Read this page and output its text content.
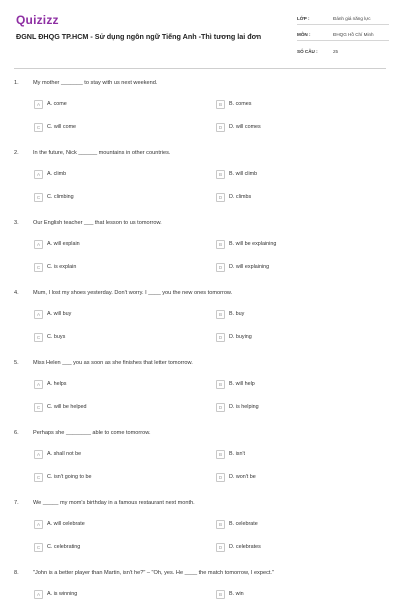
Quizizz
ĐGNL ĐHQG TP.HCM - Sử dụng ngôn ngữ Tiếng Anh -Thì tương lai đơn
LỚP :	Đánh giá năng lực
MÔN :	ĐHQG Hồ Chí Minh
SỐ CÂU :	25
1.	My mother _______ to stay with us next weekend.
A	A. come	B	B. comes
C	C. will come	D	D. will comes
2.	In the future, Nick ______ mountains in other countries.
A	A. climb	B	B. will climb
C	C. climbing	D	D. climbs
3.	Our English teacher ___ that lesson to us tomorrow.
A	A. will explain	B	B. will be explaining
C	C. is explain	D	D. will explaining
4.	Mum, I lost my shoes yesterday. Don't worry. I ____ you the new ones tomorrow.
A	A. will buy	B	B. buy
C	C. buys	D	D. buying
5.	Miss Helen ___ you as soon as she finishes that letter tomorrow.
A	A. helps	B	B. will help
C	C. will be helped	D	D. is helping
6.	Perhaps she ________ able to come tomorrow.
A	A. shall not be	B	B. isn't
C	C. isn't going to be	D	D. won't be
7.	We _____ my mom's birthday in a famous restaurant next month.
A	A. will celebrate	B	B. celebrate
C	C. celebrating	D	D. celebrates
8.	"John is a better player than Martin, isn't he?" – "Oh, yes. He ____ the match tomorrow, I expect."
A	A. is winning	B	B. win
